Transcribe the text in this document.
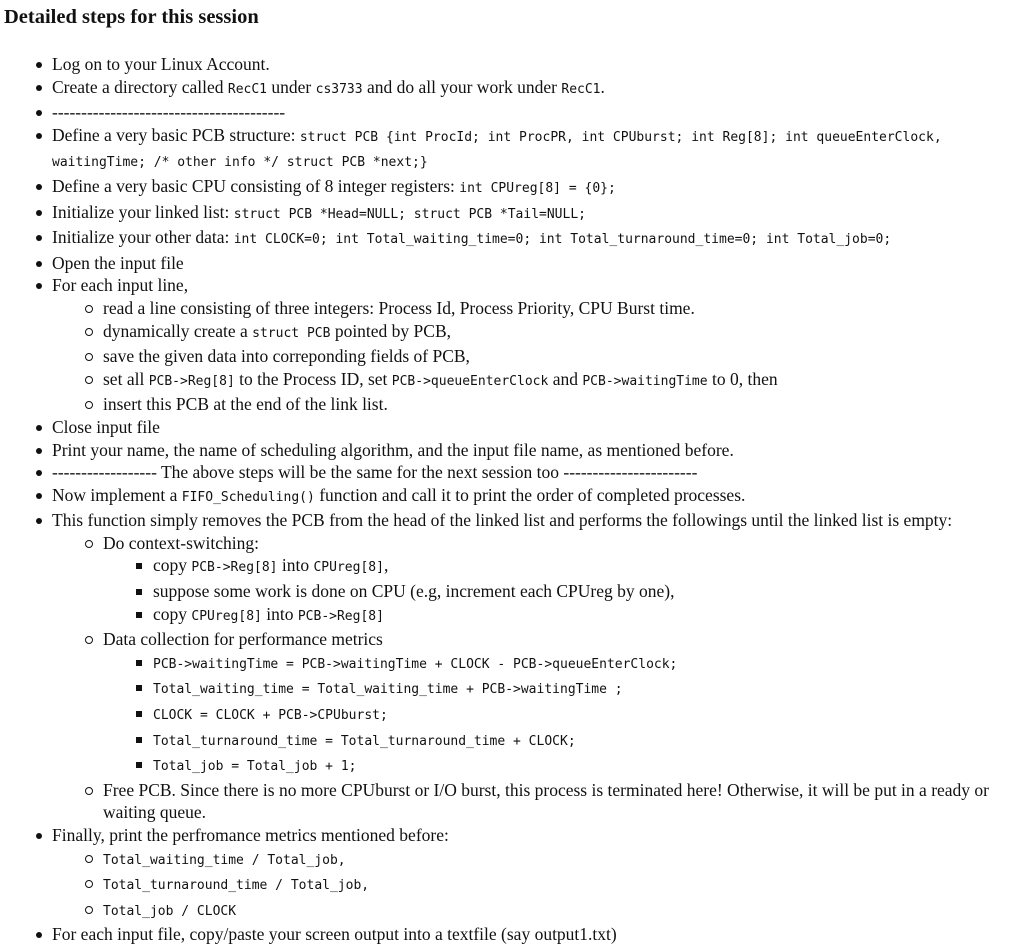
Detailed steps for this session
Log on to your Linux Account.
Create a directory called RecC1 under cs3733 and do all your work under RecC1.
----------------------------------------
Define a very basic PCB structure: struct PCB {int ProcId; int ProcPR, int CPUburst; int Reg[8]; int queueEnterClock, waitingTime; /* other info */ struct PCB *next;}
Define a very basic CPU consisting of 8 integer registers: int CPUreg[8] = {0};
Initialize your linked list: struct PCB *Head=NULL; struct PCB *Tail=NULL;
Initialize your other data: int CLOCK=0; int Total_waiting_time=0; int Total_turnaround_time=0; int Total_job=0;
Open the input file
For each input line,
read a line consisting of three integers: Process Id, Process Priority, CPU Burst time.
dynamically create a struct PCB pointed by PCB,
save the given data into correponding fields of PCB,
set all PCB->Reg[8] to the Process ID, set PCB->queueEnterClock and PCB->waitingTime to 0, then
insert this PCB at the end of the link list.
Close input file
Print your name, the name of scheduling algorithm, and the input file name, as mentioned before.
------------------ The above steps will be the same for the next session too -----------------------
Now implement a FIFO_Scheduling() function and call it to print the order of completed processes.
This function simply removes the PCB from the head of the linked list and performs the followings until the linked list is empty:
Do context-switching:
copy PCB->Reg[8] into CPUreg[8],
suppose some work is done on CPU (e.g, increment each CPUreg by one),
copy CPUreg[8] into PCB->Reg[8]
Data collection for performance metrics
PCB->waitingTime = PCB->waitingTime + CLOCK - PCB->queueEnterClock;
Total_waiting_time = Total_waiting_time + PCB->waitingTime ;
CLOCK = CLOCK + PCB->CPUburst;
Total_turnaround_time = Total_turnaround_time + CLOCK;
Total_job = Total_job + 1;
Free PCB. Since there is no more CPUburst or I/O burst, this process is terminated here! Otherwise, it will be put in a ready or waiting queue.
Finally, print the perfromance metrics mentioned before:
Total_waiting_time / Total_job,
Total_turnaround_time / Total_job,
Total_job / CLOCK
For each input file, copy/paste your screen output into a textfile (say output1.txt)
